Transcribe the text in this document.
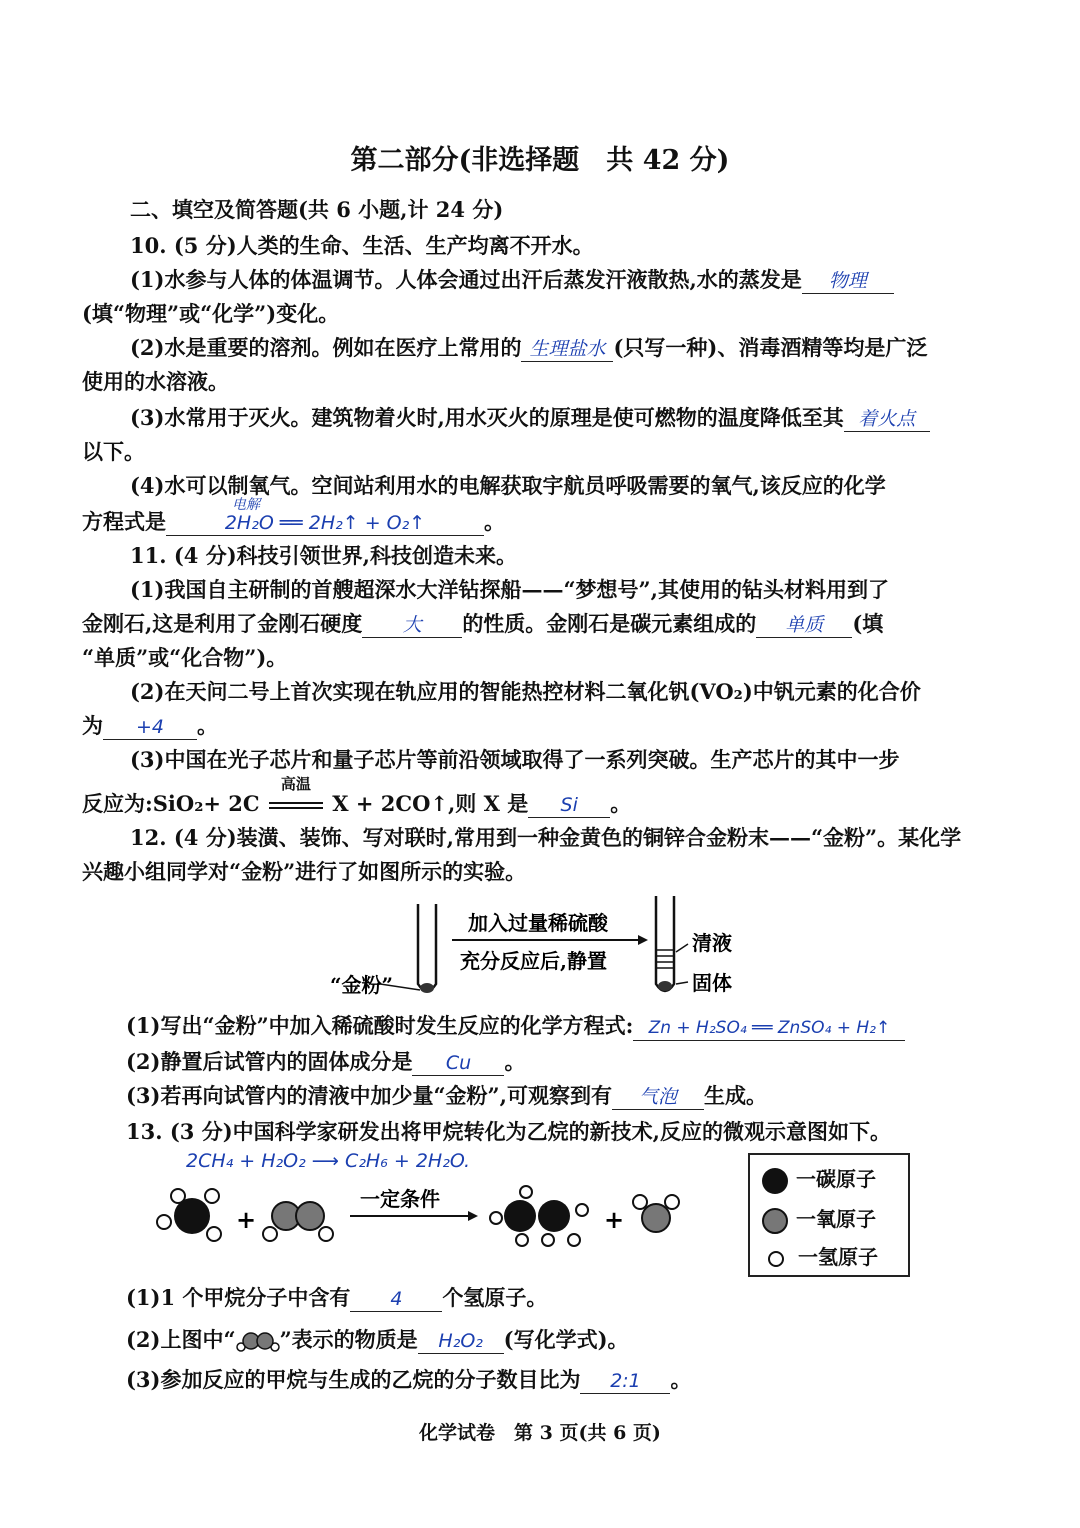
第二部分(非选择题　共 42 分)
二、填空及简答题(共 6 小题,计 24 分)
10. (5 分)人类的生命、生活、生产均离不开水。
(1)水参与人体的体温调节。人体会通过出汗后蒸发汗液散热,水的蒸发是 物理
(填“物理”或“化学”)变化。
(2)水是重要的溶剂。例如在医疗上常用的 生理盐水 (只写一种)、消毒酒精等均是广泛
使用的水溶液。
(3)水常用于灭火。建筑物着火时,用水灭火的原理是使可燃物的温度降低至其 着火点
以下。
(4)水可以制氧气。空间站利用水的电解获取宇航员呼吸需要的氧气,该反应的化学
电解
方程式是	2H₂O ══ 2H₂↑ + O₂↑	。
11. (4 分)科技引领世界,科技创造未来。
(1)我国自主研制的首艘超深水大洋钻探船——“梦想号”,其使用的钻头材料用到了
金刚石,这是利用了金刚石硬度 大 的性质。金刚石是碳元素组成的 单质 (填
“单质”或“化合物”)。
(2)在天问二号上首次实现在轨应用的智能热控材料二氧化钒(VO₂)中钒元素的化合价
为 +4 。
(3)中国在光子芯片和量子芯片等前沿领域取得了一系列突破。生产芯片的其中一步
反应为:SiO₂+ 2C
高温
X + 2CO↑,则 X 是 Si 。
12. (4 分)装潢、装饰、写对联时,常用到一种金黄色的铜锌合金粉末——“金粉”。某化学
兴趣小组同学对“金粉”进行了如图所示的实验。
“金粉”
加入过量稀硫酸
充分反应后,静置
清液
固体
(1)写出“金粉”中加入稀硫酸时发生反应的化学方程式: Zn + H₂SO₄ ══ ZnSO₄ + H₂↑
(2)静置后试管内的固体成分是 Cu 。
(3)若再向试管内的清液中加少量“金粉”,可观察到有 气泡 生成。
13. (3 分)中国科学家研发出将甲烷转化为乙烷的新技术,反应的微观示意图如下。
2CH₄ + H₂O₂ ⟶ C₂H₆ + 2H₂O.
+
一定条件
+
一碳原子
一氧原子
一氢原子
(1)1 个甲烷分子中含有 4 个氢原子。
(2)上图中“ ”表示的物质是 H₂O₂ (写化学式)。
(3)参加反应的甲烷与生成的乙烷的分子数目比为 2:1 。
化学试卷　第 3 页(共 6 页)
